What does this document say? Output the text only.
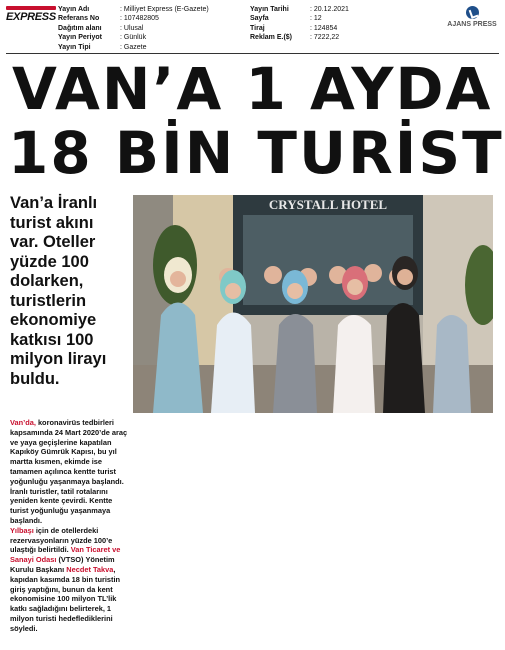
EXPRESS
Yayın Adı	: Milliyet Express (E-Gazete)
Referans No	: 107482805
Dağıtım alanı	: Ulusal
Yayın Periyot	: Günlük
Yayın Tipi	: Gazete
Yayın Tarihi	: 20.12.2021
Sayfa	: 12
Tiraj	: 124854
Reklam E.($)	: 7222,22
AJANS PRESS
VAN’A 1 AYDA
18 BİN TURİST
Van’a İranlı
turist akını
var. Oteller
yüzde 100
dolarken,
turistlerin
ekonomiye
katkısı 100
milyon lirayı
buldu.
CRYSTALL HOTEL

Van’da, koronavirüs tedbirleri kapsamında 24 Mart 2020’de araç ve yaya geçişlerine kapatılan Kapıköy Gümrük Kapısı, bu yıl martta kısmen, ekimde ise tamamen açılınca kentte turist yoğunluğu yaşanmaya başlandı. İranlı turistler, tatil rotalarını yeniden kente çevirdi. Kentte turist yoğunluğu yaşanmaya başlandı.

Yılbaşı için de otellerdeki rezervasyonların yüzde 100’e ulaştığı belirtildi. Van Ticaret ve Sanayi Odası (VTSO) Yönetim Kurulu Başkanı Necdet Takva, kapıdan kasımda 18 bin turistin giriş yaptığını, bunun da kent ekonomisine 100 milyon TL’lik katkı sağladığını belirterek, 1 milyon turisti hedeflediklerini söyledi.
